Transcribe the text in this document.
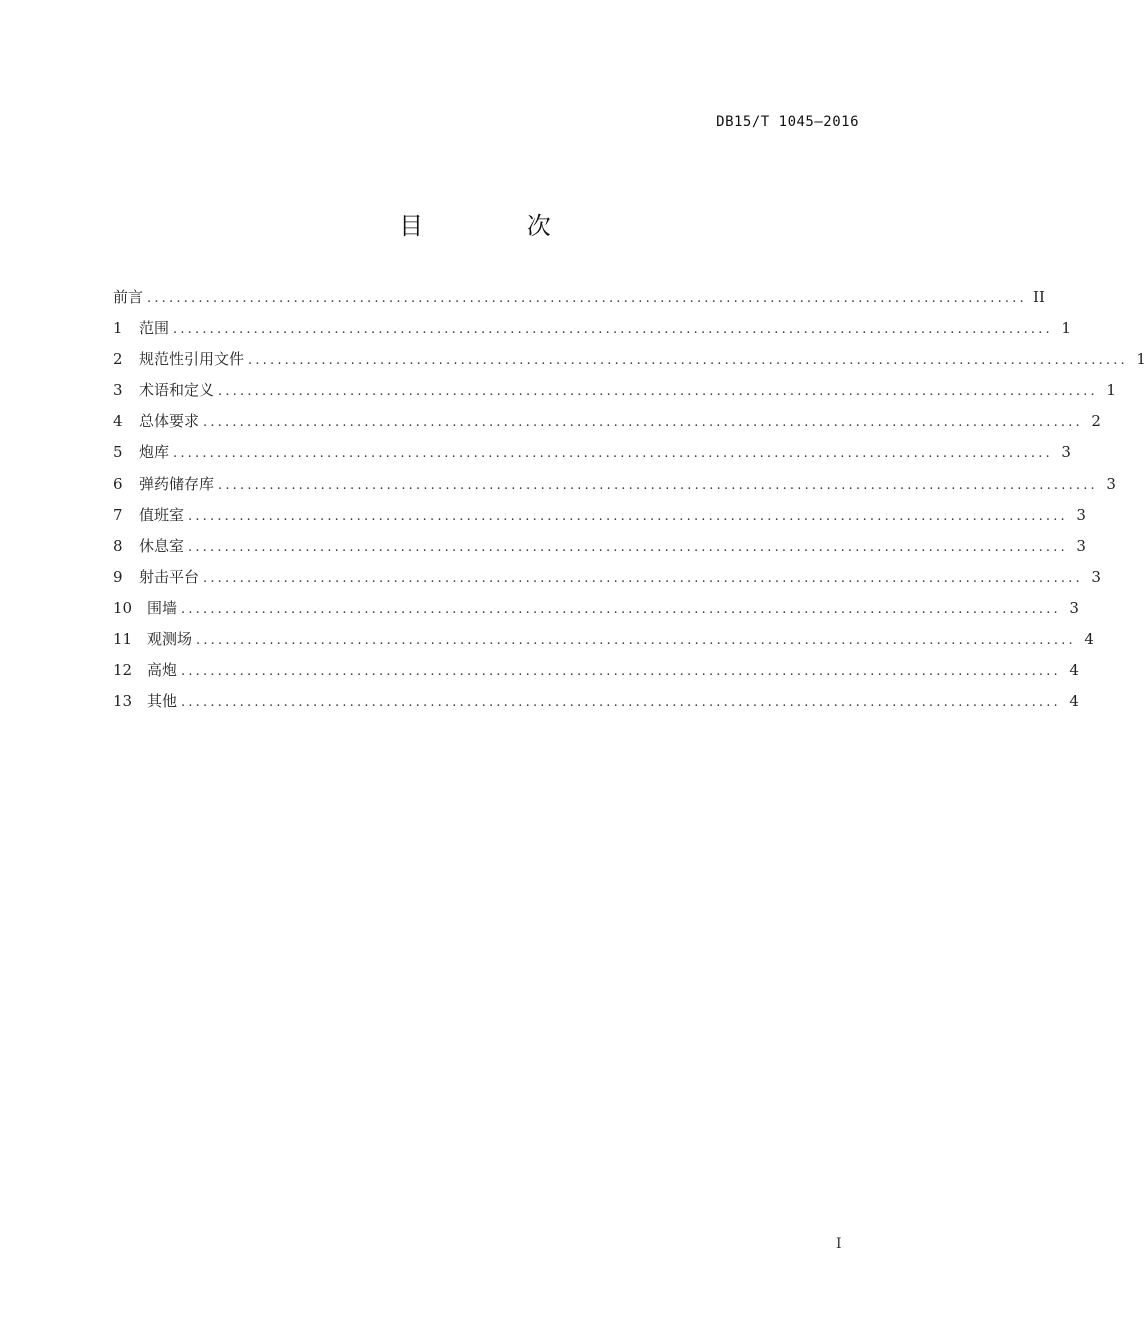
DB15/T 1045—2016
目 次
前言 ........................................................................................................................ II
1	范围 ........................................................................................................................ 1
2	规范性引用文件 ........................................................................................................................ 1
3	术语和定义 ........................................................................................................................ 1
4	总体要求 ........................................................................................................................ 2
5	炮库 ........................................................................................................................ 3
6	弹药储存库 ........................................................................................................................ 3
7	值班室 ........................................................................................................................ 3
8	休息室 ........................................................................................................................ 3
9	射击平台 ........................................................................................................................ 3
10 围墙 ........................................................................................................................ 3
11 观测场 ........................................................................................................................ 4
12 高炮 ........................................................................................................................ 4
13 其他 ........................................................................................................................ 4
I
